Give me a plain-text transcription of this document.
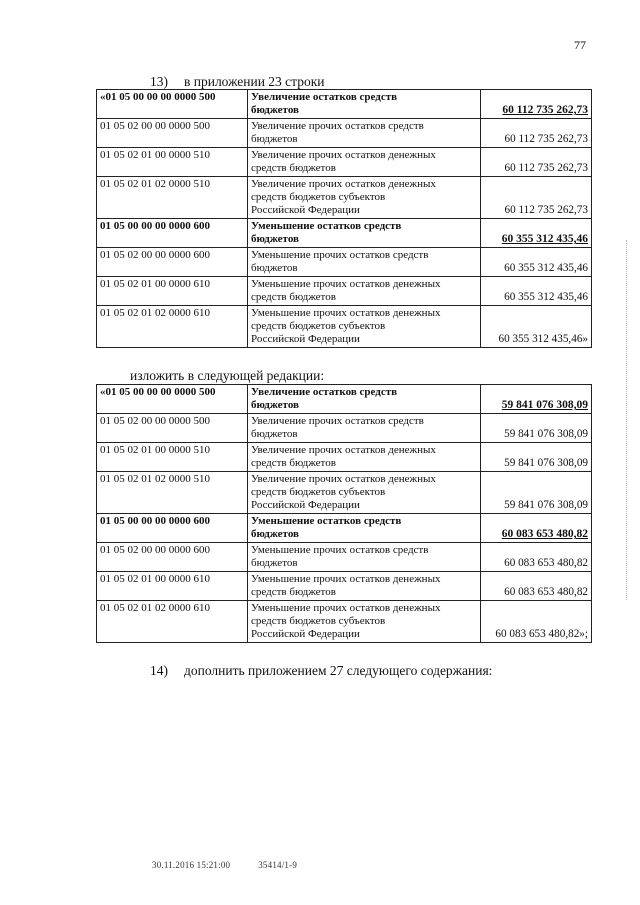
77
13) в приложении 23 строки
«01 05 00 00 00 0000 500	Увеличение остатков средств
бюджетов	60 112 735 262,73
01 05 02 00 00 0000 500	Увеличение прочих остатков средств
бюджетов	60 112 735 262,73
01 05 02 01 00 0000 510	Увеличение прочих остатков денежных
средств бюджетов	60 112 735 262,73
01 05 02 01 02 0000 510	Увеличение прочих остатков денежных
средств бюджетов субъектов
Российской Федерации	60 112 735 262,73
01 05 00 00 00 0000 600	Уменьшение остатков средств
бюджетов	60 355 312 435,46
01 05 02 00 00 0000 600	Уменьшение прочих остатков средств
бюджетов	60 355 312 435,46
01 05 02 01 00 0000 610	Уменьшение прочих остатков денежных
средств бюджетов	60 355 312 435,46
01 05 02 01 02 0000 610	Уменьшение прочих остатков денежных
средств бюджетов субъектов
Российской Федерации	60 355 312 435,46»
изложить в следующей редакции:
«01 05 00 00 00 0000 500	Увеличение остатков средств
бюджетов	59 841 076 308,09
01 05 02 00 00 0000 500	Увеличение прочих остатков средств
бюджетов	59 841 076 308,09
01 05 02 01 00 0000 510	Увеличение прочих остатков денежных
средств бюджетов	59 841 076 308,09
01 05 02 01 02 0000 510	Увеличение прочих остатков денежных
средств бюджетов субъектов
Российской Федерации	59 841 076 308,09
01 05 00 00 00 0000 600	Уменьшение остатков средств
бюджетов	60 083 653 480,82
01 05 02 00 00 0000 600	Уменьшение прочих остатков средств
бюджетов	60 083 653 480,82
01 05 02 01 00 0000 610	Уменьшение прочих остатков денежных
средств бюджетов	60 083 653 480,82
01 05 02 01 02 0000 610	Уменьшение прочих остатков денежных
средств бюджетов субъектов
Российской Федерации	60 083 653 480,82»;
14) дополнить приложением 27 следующего содержания:
30.11.2016 15:21:00	35414/1-9
